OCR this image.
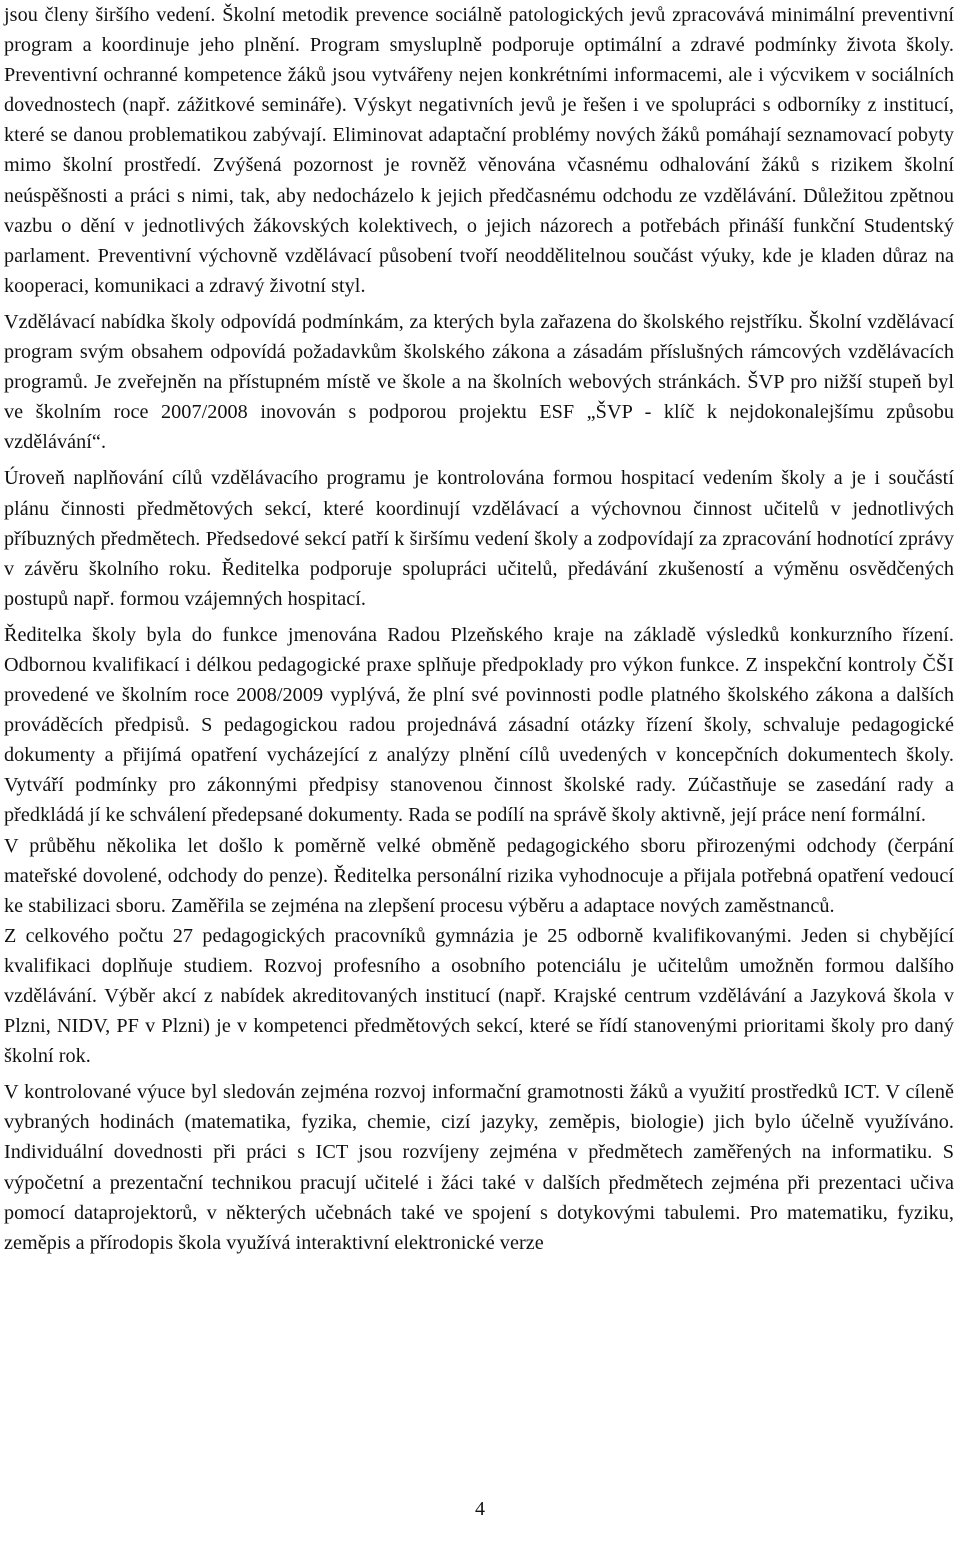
jsou členy širšího vedení. Školní metodik prevence sociálně patologických jevů zpracovává minimální preventivní program a koordinuje jeho plnění. Program smysluplně podporuje optimální a zdravé podmínky života školy. Preventivní ochranné kompetence žáků jsou vytvářeny nejen konkrétními informacemi, ale i výcvikem v sociálních dovednostech (např. zážitkové semináře). Výskyt negativních jevů je řešen i ve spolupráci s odborníky z institucí, které se danou problematikou zabývají. Eliminovat adaptační problémy nových žáků pomáhají seznamovací pobyty mimo školní prostředí. Zvýšená pozornost je rovněž věnována včasnému odhalování žáků s rizikem školní neúspěšnosti a práci s nimi, tak, aby nedocházelo k jejich předčasnému odchodu ze vzdělávání. Důležitou zpětnou vazbu o dění v jednotlivých žákovských kolektivech, o jejich názorech a potřebách přináší funkční Studentský parlament. Preventivní výchovně vzdělávací působení tvoří neoddělitelnou součást výuky, kde je kladen důraz na kooperaci, komunikaci a zdravý životní styl.

Vzdělávací nabídka školy odpovídá podmínkám, za kterých byla zařazena do školského rejstříku. Školní vzdělávací program svým obsahem odpovídá požadavkům školského zákona a zásadám příslušných rámcových vzdělávacích programů. Je zveřejněn na přístupném místě ve škole a na školních webových stránkách. ŠVP pro nižší stupeň byl ve školním roce 2007/2008 inovován s podporou projektu ESF „ŠVP - klíč k nejdokonalejšímu způsobu vzdělávání“.

Úroveň naplňování cílů vzdělávacího programu je kontrolována formou hospitací vedením školy a je i součástí plánu činnosti předmětových sekcí, které koordinují vzdělávací a výchovnou činnost učitelů v jednotlivých příbuzných předmětech. Předsedové sekcí patří k širšímu vedení školy a zodpovídají za zpracování hodnotící zprávy v závěru školního roku. Ředitelka podporuje spolupráci učitelů, předávání zkušeností a výměnu osvědčených postupů např. formou vzájemných hospitací.

Ředitelka školy byla do funkce jmenována Radou Plzeňského kraje na základě výsledků konkurzního řízení. Odbornou kvalifikací i délkou pedagogické praxe splňuje předpoklady pro výkon funkce. Z inspekční kontroly ČŠI provedené ve školním roce 2008/2009 vyplývá, že plní své povinnosti podle platného školského zákona a dalších prováděcích předpisů. S pedagogickou radou projednává zásadní otázky řízení školy, schvaluje pedagogické dokumenty a přijímá opatření vycházející z analýzy plnění cílů uvedených v koncepčních dokumentech školy. Vytváří podmínky pro zákonnými předpisy stanovenou činnost školské rady. Zúčastňuje se zasedání rady a předkládá jí ke schválení předepsané dokumenty. Rada se podílí na správě školy aktivně, její práce není formální.

V průběhu několika let došlo k poměrně velké obměně pedagogického sboru přirozenými odchody (čerpání mateřské dovolené, odchody do penze). Ředitelka personální rizika vyhodnocuje a přijala potřebná opatření vedoucí ke stabilizaci sboru. Zaměřila se zejména na zlepšení procesu výběru a adaptace nových zaměstnanců.

Z celkového počtu 27 pedagogických pracovníků gymnázia je 25 odborně kvalifikovanými. Jeden si chybějící kvalifikaci doplňuje studiem. Rozvoj profesního a osobního potenciálu je učitelům umožněn formou dalšího vzdělávání. Výběr akcí z nabídek akreditovaných institucí (např. Krajské centrum vzdělávání a Jazyková škola v Plzni, NIDV, PF v Plzni) je v kompetenci předmětových sekcí, které se řídí stanovenými prioritami školy pro daný školní rok.

V kontrolované výuce byl sledován zejména rozvoj informační gramotnosti žáků a využití prostředků ICT. V cíleně vybraných hodinách (matematika, fyzika, chemie, cizí jazyky, zeměpis, biologie) jich bylo účelně využíváno. Individuální dovednosti při práci s ICT jsou rozvíjeny zejména v předmětech zaměřených na informatiku. S výpočetní a prezentační technikou pracují učitelé i žáci také v dalších předmětech zejména při prezentaci učiva pomocí dataprojektorů, v některých učebnách také ve spojení s dotykovými tabulemi. Pro matematiku, fyziku, zeměpis a přírodopis škola využívá interaktivní elektronické verze

4
